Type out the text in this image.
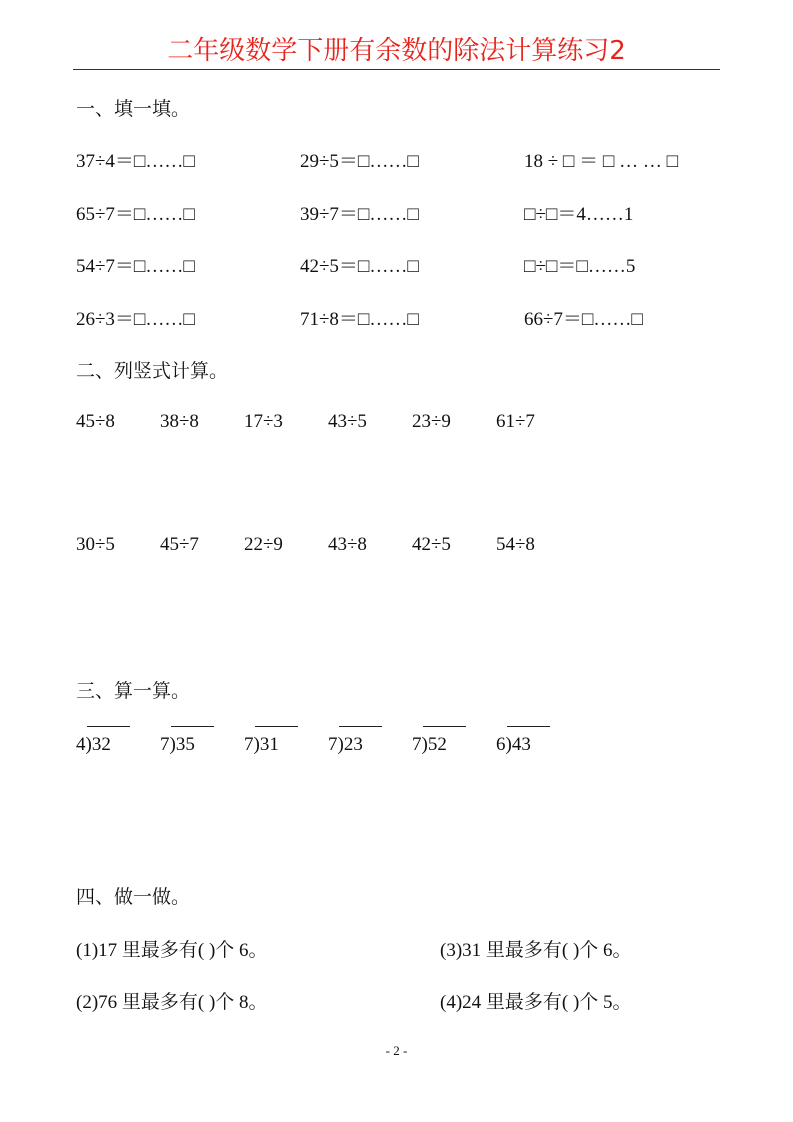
二年级数学下册有余数的除法计算练习2
一、填一填。
37÷4＝□……□	29÷5＝□……□	18 ÷ □ ＝ □ … … □
65÷7＝□……□	39÷7＝□……□	□÷□＝4……1
54÷7＝□……□	42÷5＝□……□	□÷□＝□……5
26÷3＝□……□	71÷8＝□……□	66÷7＝□……□
二、列竖式计算。
45÷8 38÷8 17÷3 43÷5 23÷9 61÷7
30÷5 45÷7 22÷9 43÷8 42÷5 54÷8
三、算一算。
4)32	7)35	7)31	7)23	7)52	6)43
四、做一做。
(1)17 里最多有( )个 6。	(3)31 里最多有( )个 6。
(2)76 里最多有( )个 8。	(4)24 里最多有( )个 5。
- 2 -
